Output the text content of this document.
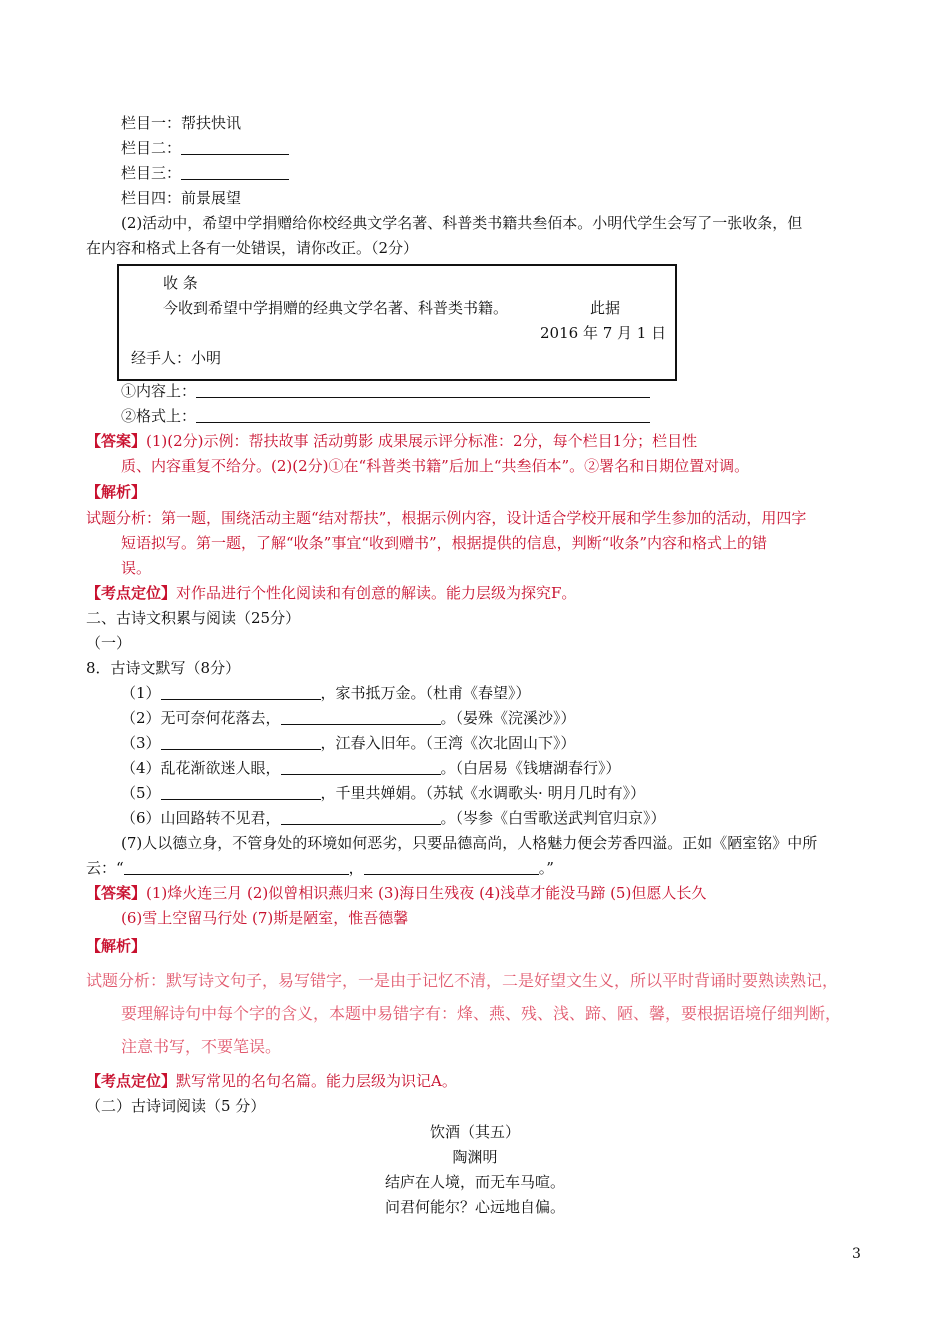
栏目一：帮扶快讯
栏目二：
栏目三：
栏目四：前景展望
(2)活动中，希望中学捐赠给你校经典文学名著、科普类书籍共叁佰本。小明代学生会写了一张收条，但
在内容和格式上各有一处错误，请你改正。（2分）
收 条
今收到希望中学捐赠的经典文学名著、科普类书籍。	此据
2016 年 7 月 1 日
经手人：小明
①内容上：
②格式上：
【答案】(1)(2分)示例：帮扶故事 活动剪影 成果展示评分标准：2分，每个栏目1分；栏目性
质、内容重复不给分。(2)(2分)①在“科普类书籍”后加上“共叁佰本”。②署名和日期位置对调。
【解析】
试题分析：第一题，围绕活动主题“结对帮扶”，根据示例内容，设计适合学校开展和学生参加的活动，用四字
短语拟写。第一题，了解“收条”事宜“收到赠书”，根据提供的信息，判断“收条”内容和格式上的错
误。
【考点定位】对作品进行个性化阅读和有创意的解读。能力层级为探究F。
二、古诗文积累与阅读（25分）
（一）
8．古诗文默写（8分）
（1）	，家书抵万金。（杜甫《春望》）
（2）无可奈何花落去，	。（晏殊《浣溪沙》）
（3）	，江春入旧年。（王湾《次北固山下》）
（4）乱花渐欲迷人眼，	。（白居易《钱塘湖春行》）
（5）	，千里共婵娟。（苏轼《水调歌头· 明月几时有》）
（6）山回路转不见君，	。（岑参《白雪歌送武判官归京》）
(7)人以德立身，不管身处的环境如何恶劣，只要品德高尚，人格魅力便会芳香四溢。正如《陋室铭》中所
云：“	，	。”
【答案】(1)烽火连三月 (2)似曾相识燕归来 (3)海日生残夜 (4)浅草才能没马蹄 (5)但愿人长久
(6)雪上空留马行处 (7)斯是陋室，惟吾德馨
【解析】
试题分析：默写诗文句子，易写错字，一是由于记忆不清，二是好望文生义，所以平时背诵时要熟读熟记，
要理解诗句中每个字的含义，本题中易错字有：烽、燕、残、浅、蹄、陋、馨，要根据语境仔细判断，
注意书写，不要笔误。
【考点定位】默写常见的名句名篇。能力层级为识记A。
（二）古诗词阅读（5 分）
饮酒（其五）
陶渊明
结庐在人境，而无车马喧。
问君何能尔？心远地自偏。
3
